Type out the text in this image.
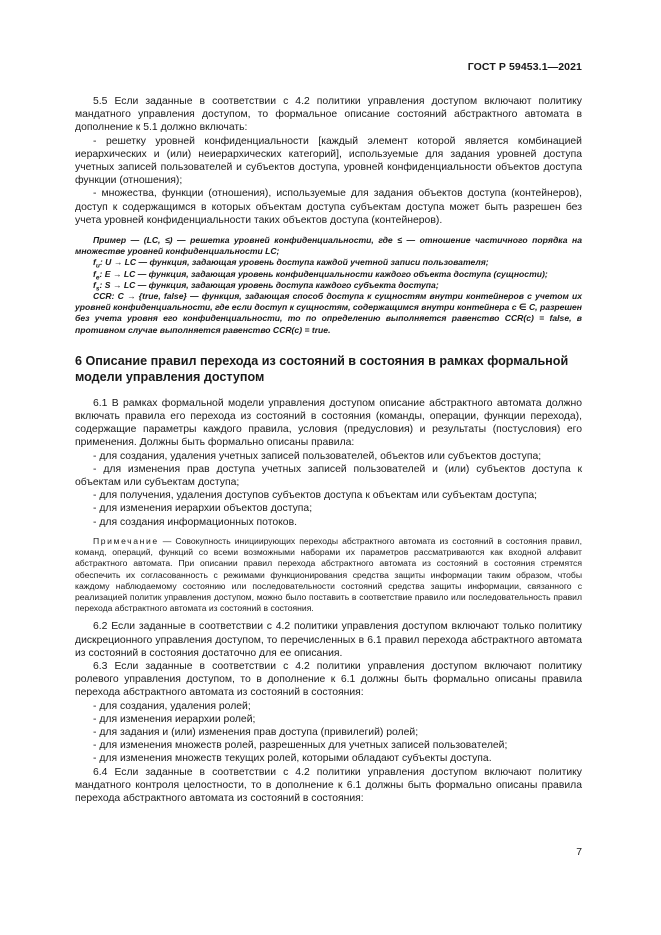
ГОСТ Р 59453.1—2021

5.5 Если заданные в соответствии с 4.2 политики управления доступом включают политику мандатного управления доступом, то формальное описание состояний абстрактного автомата в дополнение к 5.1 должно включать:

- решетку уровней конфиденциальности [каждый элемент которой является комбинацией иерархических и (или) неиерархических категорий], используемые для задания уровней доступа учетных записей пользователей и субъектов доступа, уровней конфиденциальности объектов доступа функции (отношения);

- множества, функции (отношения), используемые для задания объектов доступа (контейнеров), доступ к содержащимся в которых объектам доступа субъектам доступа может быть разрешен без учета уровней конфиденциальности таких объектов доступа (контейнеров).

Пример — (LC, ≤) — решетка уровней конфиденциальности, где ≤ — отношение частичного порядка на множестве уровней конфиденциальности LC;

$f_u$: U → LC — функция, задающая уровень доступа каждой учетной записи пользователя;

$f_e$: E → LC — функция, задающая уровень конфиденциальности каждого объекта доступа (сущности);

$f_s$: S → LC — функция, задающая уровень доступа каждого субъекта доступа;

CCR: C → {true, false} — функция, задающая способ доступа к сущностям внутри контейнеров с учетом их уровней конфиденциальности, где если доступ к сущностям, содержащимся внутри контейнера c ∈ C, разрешен без учета уровня его конфиденциальности, то по определению выполняется равенство CCR(c) = false, в противном случае выполняется равенство CCR(c) = true.

6 Описание правил перехода из состояний в состояния в рамках формальной модели управления доступом

6.1 В рамках формальной модели управления доступом описание абстрактного автомата должно включать правила его перехода из состояний в состояния (команды, операции, функции перехода), содержащие параметры каждого правила, условия (предусловия) и результаты (постусловия) его применения. Должны быть формально описаны правила:

- для создания, удаления учетных записей пользователей, объектов или субъектов доступа;

- для изменения прав доступа учетных записей пользователей и (или) субъектов доступа к объектам или субъектам доступа;

- для получения, удаления доступов субъектов доступа к объектам или субъектам доступа;

- для изменения иерархии объектов доступа;

- для создания информационных потоков.

Примечание — Совокупность инициирующих переходы абстрактного автомата из состояний в состояния правил, команд, операций, функций со всеми возможными наборами их параметров рассматриваются как входной алфавит абстрактного автомата. При описании правил перехода абстрактного автомата из состояний в состояния стремятся обеспечить их согласованность с режимами функционирования средства защиты информации таким образом, чтобы каждому наблюдаемому состоянию или последовательности состояний средства защиты информации, связанного с реализацией политик управления доступом, можно было поставить в соответствие правило или последовательность правил перехода абстрактного автомата из состояний в состояния.

6.2 Если заданные в соответствии с 4.2 политики управления доступом включают только политику дискреционного управления доступом, то перечисленных в 6.1 правил перехода абстрактного автомата из состояний в состояния достаточно для ее описания.

6.3 Если заданные в соответствии с 4.2 политики управления доступом включают политику ролевого управления доступом, то в дополнение к 6.1 должны быть формально описаны правила перехода абстрактного автомата из состояний в состояния:

- для создания, удаления ролей;

- для изменения иерархии ролей;

- для задания и (или) изменения прав доступа (привилегий) ролей;

- для изменения множеств ролей, разрешенных для учетных записей пользователей;

- для изменения множеств текущих ролей, которыми обладают субъекты доступа.

6.4 Если заданные в соответствии с 4.2 политики управления доступом включают политику мандатного контроля целостности, то в дополнение к 6.1 должны быть формально описаны правила перехода абстрактного автомата из состояний в состояния:

7
